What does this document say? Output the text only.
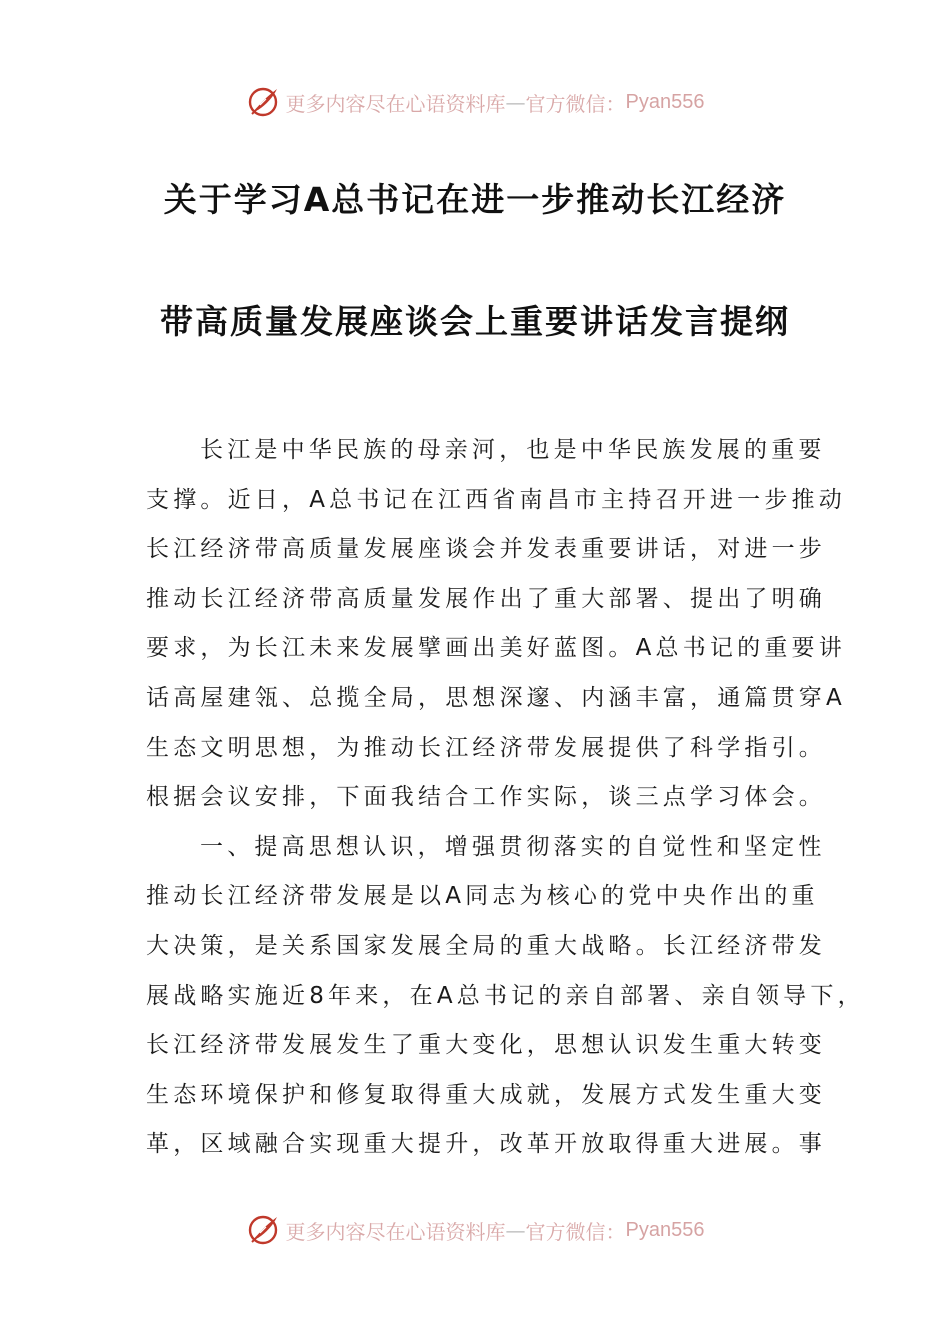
更多内容尽在心语资料库 — 官方微信： Pyan556
关于学习A总书记在进一步推动长江经济
带高质量发展座谈会上重要讲话发言提纲
长江是中华民族的母亲河，也是中华民族发展的重要
支撑。近日，A总书记在江西省南昌市主持召开进一步推动
长江经济带高质量发展座谈会并发表重要讲话，对进一步
推动长江经济带高质量发展作出了重大部署、提出了明确
要求，为长江未来发展擘画出美好蓝图。A总书记的重要讲
话高屋建瓴、总揽全局，思想深邃、内涵丰富，通篇贯穿A
生态文明思想，为推动长江经济带发展提供了科学指引。
根据会议安排，下面我结合工作实际，谈三点学习体会。
一、提高思想认识，增强贯彻落实的自觉性和坚定性
推动长江经济带发展是以A同志为核心的党中央作出的重
大决策，是关系国家发展全局的重大战略。长江经济带发
展战略实施近8年来，在A总书记的亲自部署、亲自领导下，
长江经济带发展发生了重大变化，思想认识发生重大转变
生态环境保护和修复取得重大成就，发展方式发生重大变
革，区域融合实现重大提升，改革开放取得重大进展。事
更多内容尽在心语资料库 — 官方微信： Pyan556
